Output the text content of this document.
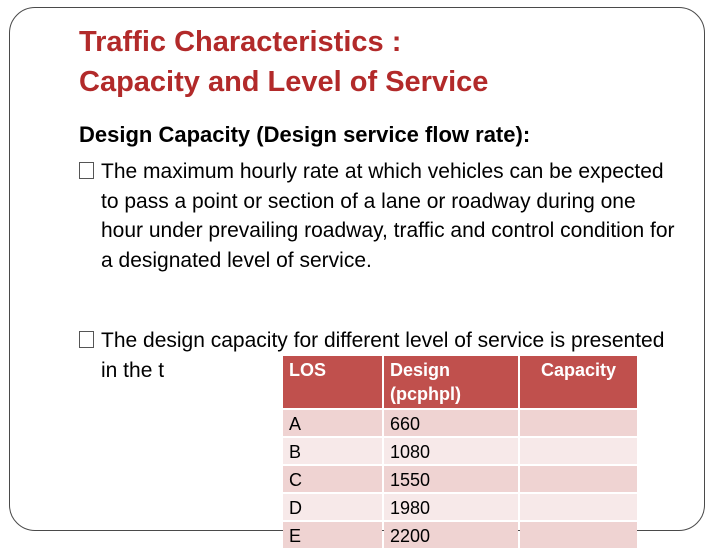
Traffic Characteristics :
Capacity and Level of Service
Design Capacity (Design service flow rate):
The maximum hourly rate at which vehicles can be expected to pass a point or section of a lane or roadway during one hour under prevailing roadway, traffic and control condition for a designated level of service.
The design capacity for different level of service is presented in the t	LOS	Design (pcphpl)	Capacity
A	660	
B	1080	
C	1550	
D	1980	
E	2200	
